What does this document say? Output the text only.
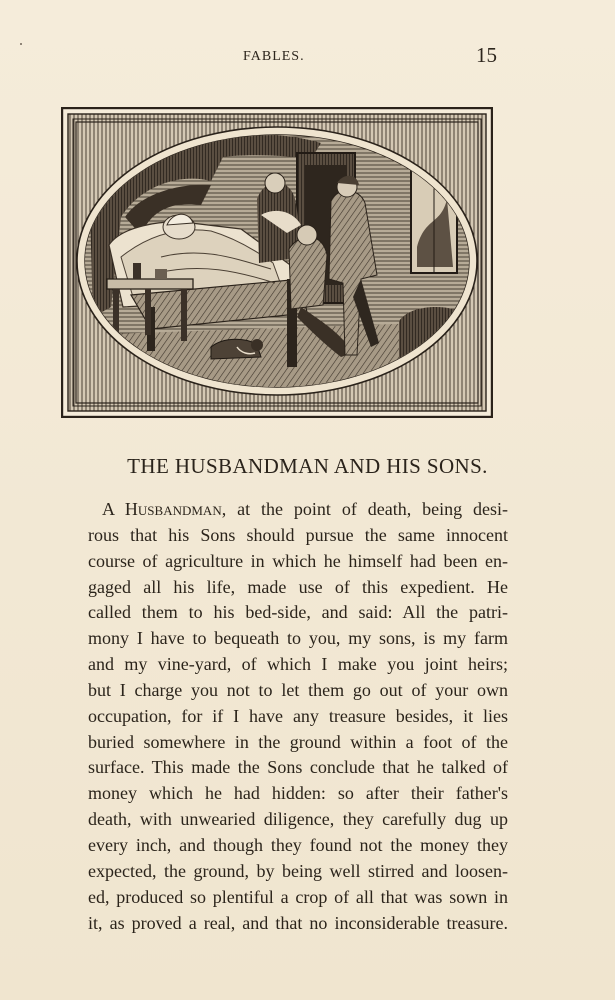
FABLES.	15
THE HUSBANDMAN AND HIS SONS.

A Husbandman, at the point of death, being desi-
rous that his Sons should pursue the same innocent
course of agriculture in which he himself had been en-
gaged all his life, made use of this expedient. He
called them to his bed-side, and said: All the patri-
mony I have to bequeath to you, my sons, is my farm
and my vine-yard, of which I make you joint heirs;
but I charge you not to let them go out of your own
occupation, for if I have any treasure besides, it lies
buried somewhere in the ground within a foot of the
surface. This made the Sons conclude that he talked of
money which he had hidden: so after their father's
death, with unwearied diligence, they carefully dug up
every inch, and though they found not the money they
expected, the ground, by being well stirred and loosen-
ed, produced so plentiful a crop of all that was sown in
it, as proved a real, and that no inconsiderable treasure.
